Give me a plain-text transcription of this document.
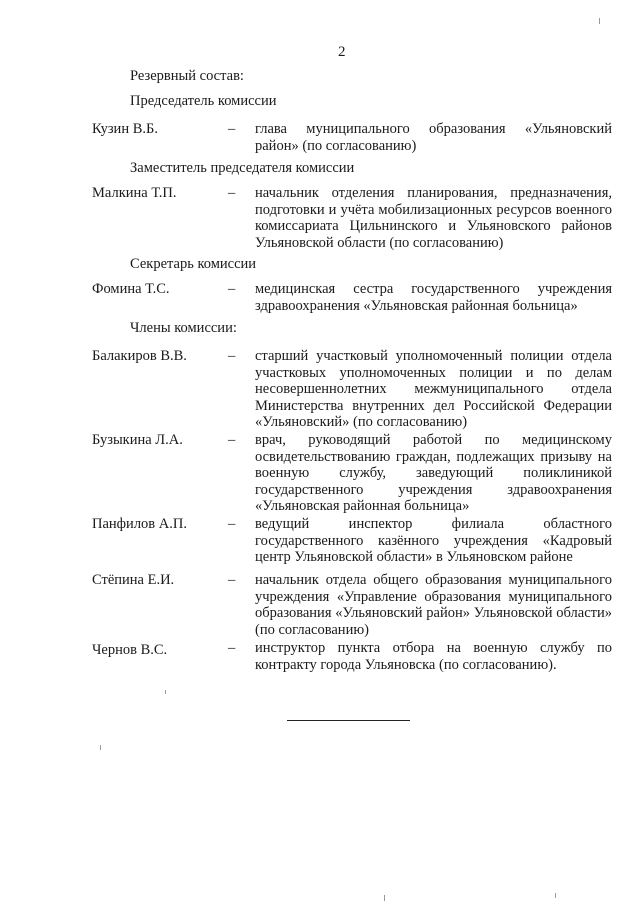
2
Резервный состав:
Председатель комиссии
Кузин В.Б.	– глава муниципального образования «Ульяновский район» (по согласованию)
Заместитель председателя комиссии
Малкина Т.П.	– начальник отделения планирования, предназначения, подготовки и учёта мобилизационных ресурсов военного комиссариата Цильнинского и Ульяновского районов Ульяновской области (по согласованию)
Секретарь комиссии
Фомина Т.С.	– медицинская сестра государственного учреждения здравоохранения «Ульяновская районная больница»
Члены комиссии:
Балакиров В.В.	– старший участковый уполномоченный полиции отдела участковых уполномоченных полиции и по делам несовершеннолетних межмуниципального отдела Министерства внутренних дел Российской Федерации «Ульяновский» (по согласованию)
Бузыкина Л.А.	– врач, руководящий работой по медицинскому освидетельствованию граждан, подлежащих призыву на военную службу, заведующий поликлиникой государственного учреждения здравоохранения «Ульяновская районная больница»
Панфилов А.П.	– ведущий инспектор филиала областного государственного казённого учреждения «Кадровый центр Ульяновской области» в Ульяновском районе
Стёпина Е.И.	– начальник отдела общего образования муниципального учреждения «Управление образования муниципального образования «Ульяновский район» Ульяновской области» (по согласованию)
Чернов В.С.	– инструктор пункта отбора на военную службу по контракту города Ульяновска (по согласованию).
